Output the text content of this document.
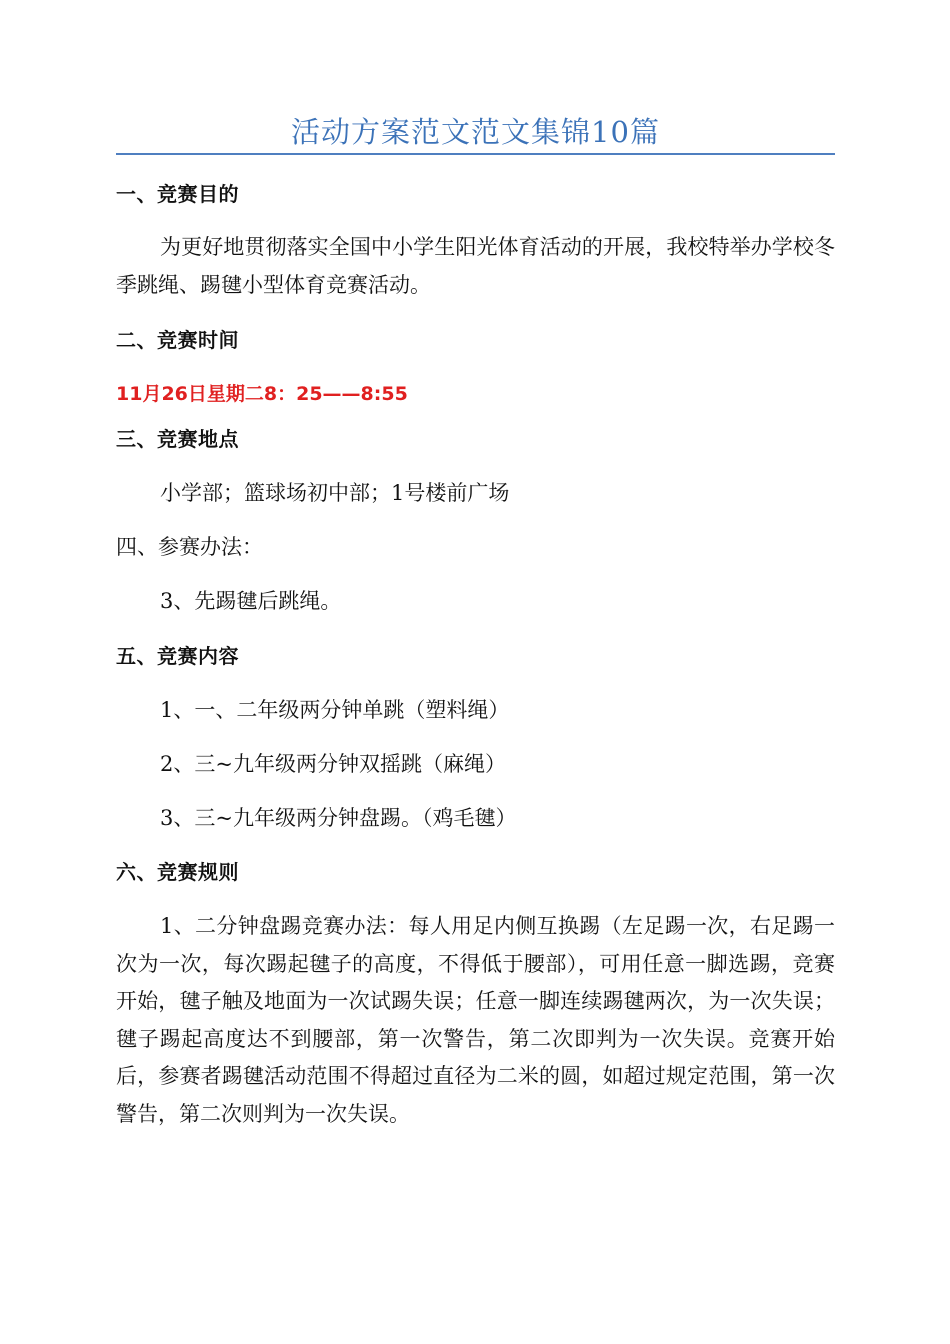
活动方案范文范文集锦10篇
一、竞赛目的
为更好地贯彻落实全国中小学生阳光体育活动的开展，我校特举办学校冬季跳绳、踢毽小型体育竞赛活动。
二、竞赛时间
11月26日星期二8：25——8:55
三、竞赛地点
小学部；篮球场初中部；1号楼前广场
四、参赛办法：
3、先踢毽后跳绳。
五、竞赛内容
1、一、二年级两分钟单跳（塑料绳）
2、三~九年级两分钟双摇跳（麻绳）
3、三~九年级两分钟盘踢。（鸡毛毽）
六、竞赛规则
1、二分钟盘踢竞赛办法：每人用足内侧互换踢（左足踢一次，右足踢一次为一次，每次踢起毽子的高度，不得低于腰部），可用任意一脚选踢，竞赛开始，毽子触及地面为一次试踢失误；任意一脚连续踢毽两次，为一次失误；毽子踢起高度达不到腰部，第一次警告，第二次即判为一次失误。竞赛开始后，参赛者踢毽活动范围不得超过直径为二米的圆，如超过规定范围，第一次警告，第二次则判为一次失误。
